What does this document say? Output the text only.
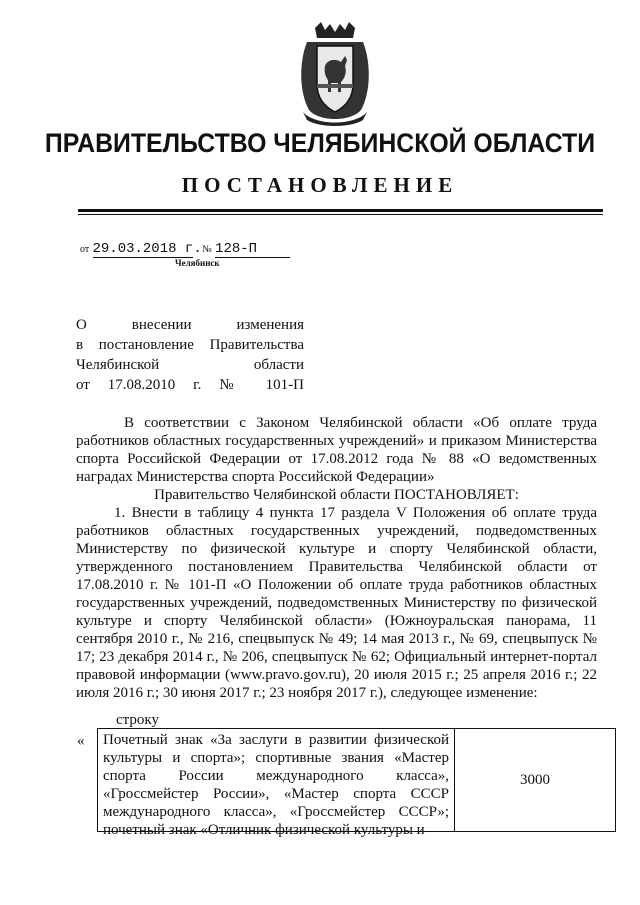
ПРАВИТЕЛЬСТВО ЧЕЛЯБИНСКОЙ ОБЛАСТИ
ПОСТАНОВЛЕНИЕ
от 29.03.2018 г.   № 128-П
Челябинск
О внесении изменения
в постановление Правительства
Челябинской области
от 17.08.2010 г. № 101-П

В соответствии с Законом Челябинской области «Об оплате труда работников областных государственных учреждений» и приказом Министерства спорта Российской Федерации от 17.08.2012 года № 88 «О ведомственных наградах Министерства спорта Российской Федерации»

Правительство Челябинской области ПОСТАНОВЛЯЕТ:

1. Внести в таблицу 4 пункта 17 раздела V Положения об оплате труда работников областных государственных учреждений, подведомственных Министерству по физической культуре и спорту Челябинской области, утвержденного постановлением Правительства Челябинской области от 17.08.2010 г. № 101-П «О Положении об оплате труда работников областных государственных учреждений, подведомственных Министерству по физической культуре и спорту Челябинской области» (Южноуральская панорама, 11 сентября 2010 г., № 216, спецвыпуск № 49; 14 мая 2013 г., № 69, спецвыпуск № 17; 23 декабря 2014 г., № 206, спецвыпуск № 62; Официальный интернет-портал правовой информации (www.pravo.gov.ru), 20 июля 2015 г.; 25 апреля 2016 г.; 22 июля 2016 г.; 30 июня 2017 г.; 23 ноября 2017 г.), следующее изменение:

строку
« Почетный знак «За заслуги в развитии физической культуры и спорта»; спортивные звания «Мастер спорта России международного класса», «Гроссмейстер России», «Мастер спорта СССР международного класса», «Гроссмейстер СССР»; почетный знак «Отличник физической культуры и
	3000
